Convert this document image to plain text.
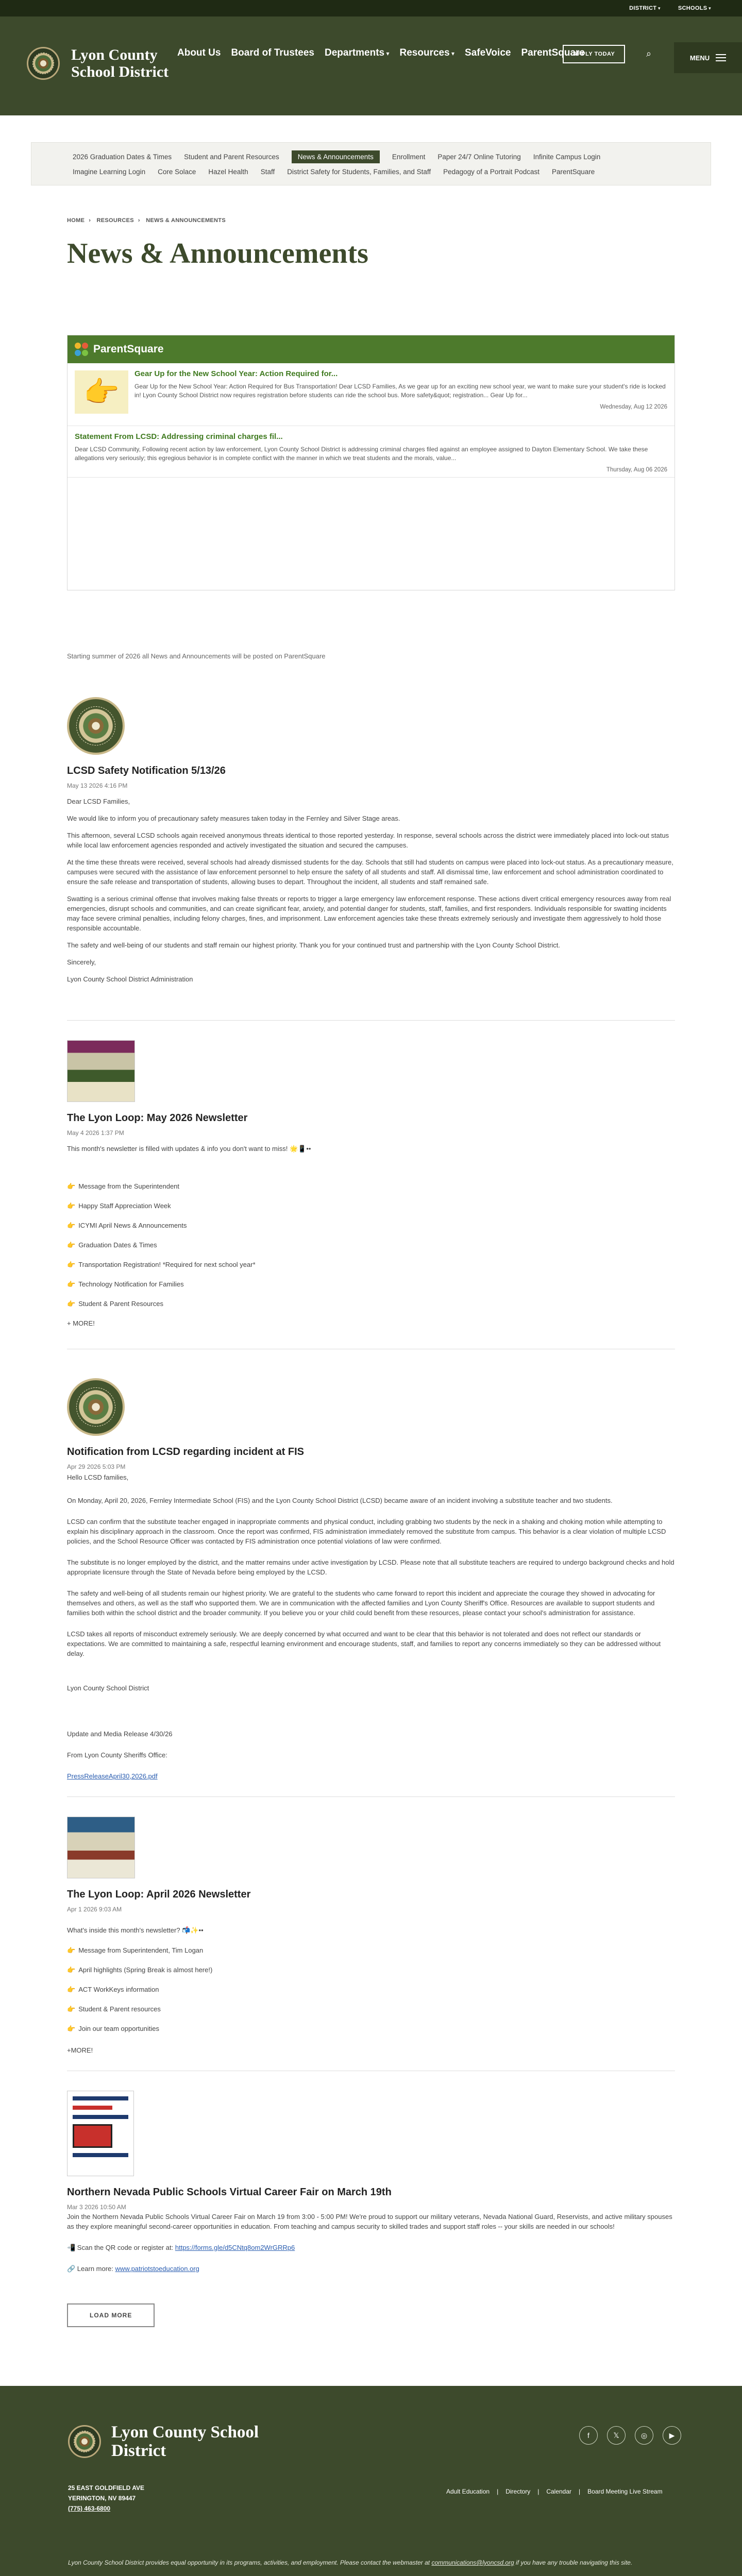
DISTRICT ▾	SCHOOLS ▾
Lyon County School District
About Us Board of Trustees Departments ▾	Resources ▾	SafeVoice ParentSquare
APPLY TODAY	⌕	MENU
2026 Graduation Dates & Times Student and Parent Resources	News & Announcements	Enrollment Paper 24/7 Online Tutoring Infinite Campus Login
Imagine Learning Login Core Solace Hazel Health Staff District Safety for Students, Families, and Staff Pedagogy of a Portrait Podcast ParentSquare
HOME › RESOURCES › NEWS & ANNOUNCEMENTS
News & Announcements
ParentSquare
👉
Gear Up for the New School Year: Action Required for...
Gear Up for the New School Year: Action Required for Bus Transportation! Dear LCSD Families, As we gear up for an exciting new school year, we want to make sure your student's ride is locked in! Lyon County School District now requires registration before students can ride the school bus. More safety&quot; registration... Gear Up for...
Wednesday, Aug 12 2026
Statement From LCSD: Addressing criminal charges fil...
Dear LCSD Community, Following recent action by law enforcement, Lyon County School District is addressing criminal charges filed against an employee assigned to Dayton Elementary School. We take these allegations very seriously; this egregious behavior is in complete conflict with the manner in which we treat students and the morals, value...
Thursday, Aug 06 2026
Starting summer of 2026 all News and Announcements will be posted on ParentSquare
LCSD Safety Notification 5/13/26
May 13 2026 4:16 PM

Dear LCSD Families,

We would like to inform you of precautionary safety measures taken today in the Fernley and Silver Stage areas.

This afternoon, several LCSD schools again received anonymous threats identical to those reported yesterday. In response, several schools across the district were immediately placed into lock-out status while local law enforcement agencies responded and actively investigated the situation and secured the campuses.

At the time these threats were received, several schools had already dismissed students for the day. Schools that still had students on campus were placed into lock-out status. As a precautionary measure, campuses were secured with the assistance of law enforcement personnel to help ensure the safety of all students and staff. All dismissal time, law enforcement and school administration coordinated to ensure the safe release and transportation of students, allowing buses to depart. Throughout the incident, all students and staff remained safe.

Swatting is a serious criminal offense that involves making false threats or reports to trigger a large emergency law enforcement response. These actions divert critical emergency resources away from real emergencies, disrupt schools and communities, and can create significant fear, anxiety, and potential danger for students, staff, families, and first responders. Individuals responsible for swatting incidents may face severe criminal penalties, including felony charges, fines, and imprisonment. Law enforcement agencies take these threats extremely seriously and investigate them aggressively to hold those responsible accountable.

The safety and well-being of our students and staff remain our highest priority. Thank you for your continued trust and partnership with the Lyon County School District.

Sincerely,

Lyon County School District Administration

The Lyon Loop: May 2026 Newsletter
May 4 2026 1:37 PM

This month's newsletter is filled with updates & info you don't want to miss! 🌟📱••

👉 Message from the Superintendent
👉 Happy Staff Appreciation Week
👉 ICYMI April News & Announcements
👉 Graduation Dates & Times
👉 Transportation Registration! *Required for next school year*
👉 Technology Notification for Families
👉 Student & Parent Resources

+ MORE!

Notification from LCSD regarding incident at FIS
Apr 29 2026 5:03 PM

Hello LCSD families,

On Monday, April 20, 2026, Fernley Intermediate School (FIS) and the Lyon County School District (LCSD) became aware of an incident involving a substitute teacher and two students.

LCSD can confirm that the substitute teacher engaged in inappropriate comments and physical conduct, including grabbing two students by the neck in a shaking and choking motion while attempting to explain his disciplinary approach in the classroom. Once the report was confirmed, FIS administration immediately removed the substitute from campus. This behavior is a clear violation of multiple LCSD policies, and the School Resource Officer was contacted by FIS administration once potential violations of law were confirmed.

The substitute is no longer employed by the district, and the matter remains under active investigation by LCSD. Please note that all substitute teachers are required to undergo background checks and hold appropriate licensure through the State of Nevada before being employed by the LCSD.

The safety and well-being of all students remain our highest priority. We are grateful to the students who came forward to report this incident and appreciate the courage they showed in advocating for themselves and others, as well as the staff who supported them. We are in communication with the affected families and Lyon County Sheriff's Office. Resources are available to support students and families both within the school district and the broader community. If you believe you or your child could benefit from these resources, please contact your school's administration for assistance.

LCSD takes all reports of misconduct extremely seriously. We are deeply concerned by what occurred and want to be clear that this behavior is not tolerated and does not reflect our standards or expectations. We are committed to maintaining a safe, respectful learning environment and encourage students, staff, and families to report any concerns immediately so they can be addressed without delay.

Lyon County School District

Update and Media Release 4/30/26

From Lyon County Sheriffs Office:

PressReleaseApril30,2026.pdf

The Lyon Loop: April 2026 Newsletter
Apr 1 2026 9:03 AM

What's inside this month's newsletter? 📬✨••

👉 Message from Superintendent, Tim Logan
👉 April highlights (Spring Break is almost here!)
👉 ACT WorkKeys information
👉 Student & Parent resources
👉 Join our team opportunities

+MORE!

Northern Nevada Public Schools Virtual Career Fair on March 19th
Mar 3 2026 10:50 AM

Join the Northern Nevada Public Schools Virtual Career Fair on March 19 from 3:00 - 5:00 PM! We're proud to support our military veterans, Nevada National Guard, Reservists, and active military spouses as they explore meaningful second-career opportunities in education. From teaching and campus security to skilled trades and support staff roles -- your skills are needed in our schools!

📲 Scan the QR code or register at: https://forms.gle/d5CNtq8om2WrGRRp6

🔗 Learn more: www.patriotstoeducation.org

LOAD MORE
Lyon County School District
f	𝕏	◎	▶
25 EAST GOLDFIELD AVE
YERINGTON, NV 89447
(775) 463-6800
Adult Education | Directory | Calendar | Board Meeting Live Stream
Lyon County School District provides equal opportunity in its programs, activities, and employment. Please contact the webmaster at communications@lyoncsd.org if you have any trouble navigating this site.
